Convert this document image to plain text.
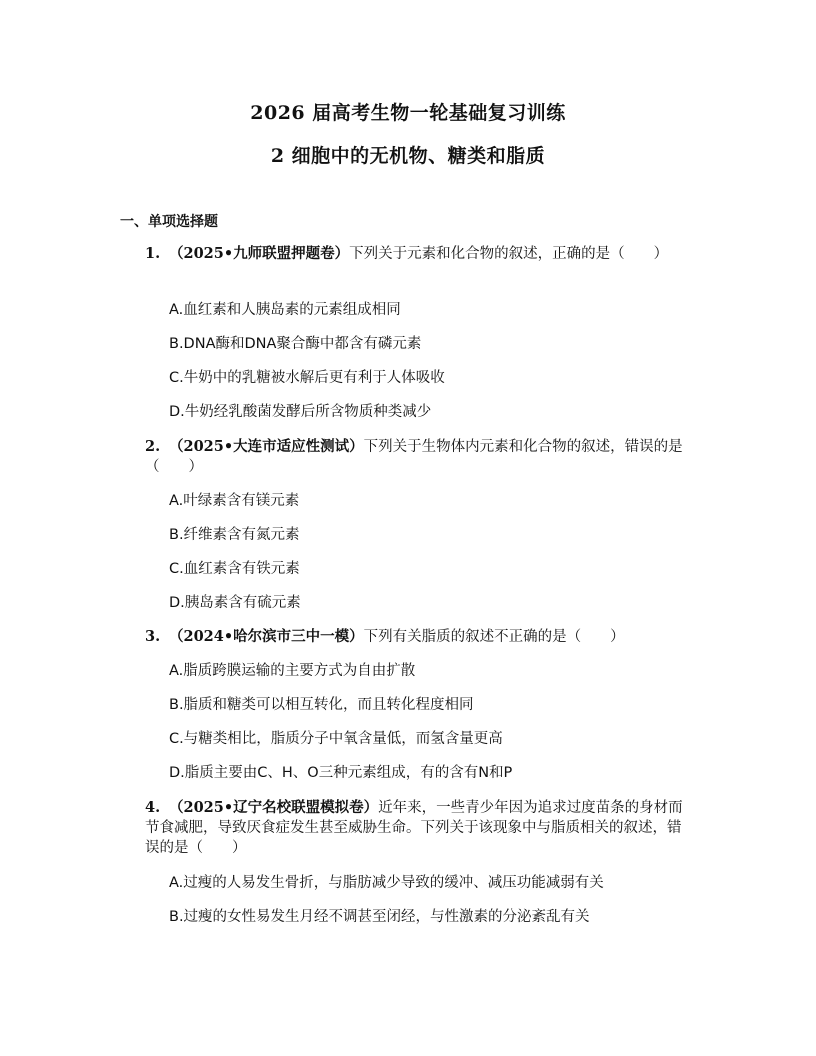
2026 届高考生物一轮基础复习训练
2 细胞中的无机物、糖类和脂质
一、单项选择题
1. （2025•九师联盟押题卷）下列关于元素和化合物的叙述，正确的是（　　）
A.血红素和人胰岛素的元素组成相同
B.DNA酶和DNA聚合酶中都含有磷元素
C.牛奶中的乳糖被水解后更有利于人体吸收
D.牛奶经乳酸菌发酵后所含物质种类减少
2. （2025•大连市适应性测试）下列关于生物体内元素和化合物的叙述，错误的是（　　）
A.叶绿素含有镁元素
B.纤维素含有氮元素
C.血红素含有铁元素
D.胰岛素含有硫元素
3. （2024•哈尔滨市三中一模）下列有关脂质的叙述不正确的是（　　）
A.脂质跨膜运输的主要方式为自由扩散
B.脂质和糖类可以相互转化，而且转化程度相同
C.与糖类相比，脂质分子中氧含量低，而氢含量更高
D.脂质主要由C、H、O三种元素组成，有的含有N和P
4. （2025•辽宁名校联盟模拟卷）近年来，一些青少年因为追求过度苗条的身材而节食减肥，导致厌食症发生甚至威胁生命。下列关于该现象中与脂质相关的叙述，错误的是（　　）
A.过瘦的人易发生骨折，与脂肪减少导致的缓冲、减压功能减弱有关
B.过瘦的女性易发生月经不调甚至闭经，与性激素的分泌紊乱有关
